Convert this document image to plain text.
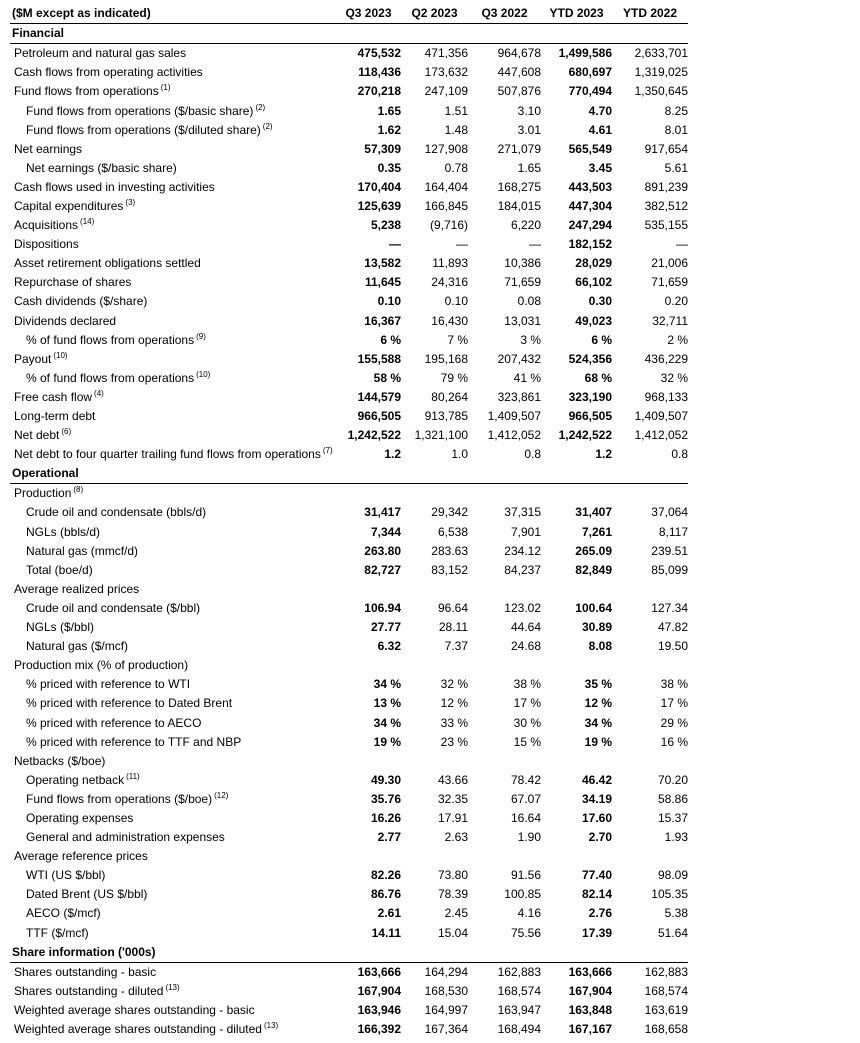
($M except as indicated)	Q3 2023	Q2 2023	Q3 2022	YTD 2023	YTD 2022
Financial					
Petroleum and natural gas sales	475,532	471,356	964,678	1,499,586	2,633,701
Cash flows from operating activities	118,436	173,632	447,608	680,697	1,319,025
Fund flows from operations $^{(1)}$	270,218	247,109	507,876	770,494	1,350,645
Fund flows from operations ($/basic share) $^{(2)}$	1.65	1.51	3.10	4.70	8.25
Fund flows from operations ($/diluted share) $^{(2)}$	1.62	1.48	3.01	4.61	8.01
Net earnings	57,309	127,908	271,079	565,549	917,654
Net earnings ($/basic share)	0.35	0.78	1.65	3.45	5.61
Cash flows used in investing activities	170,404	164,404	168,275	443,503	891,239
Capital expenditures $^{(3)}$	125,639	166,845	184,015	447,304	382,512
Acquisitions $^{(14)}$	5,238	(9,716)	6,220	247,294	535,155
Dispositions	—	—	—	182,152	—
Asset retirement obligations settled	13,582	11,893	10,386	28,029	21,006
Repurchase of shares	11,645	24,316	71,659	66,102	71,659
Cash dividends ($/share)	0.10	0.10	0.08	0.30	0.20
Dividends declared	16,367	16,430	13,031	49,023	32,711
% of fund flows from operations $^{(9)}$	6 %	7 %	3 %	6 %	2 %
Payout $^{(10)}$	155,588	195,168	207,432	524,356	436,229
% of fund flows from operations $^{(10)}$	58 %	79 %	41 %	68 %	32 %
Free cash flow $^{(4)}$	144,579	80,264	323,861	323,190	968,133
Long-term debt	966,505	913,785	1,409,507	966,505	1,409,507
Net debt $^{(6)}$	1,242,522	1,321,100	1,412,052	1,242,522	1,412,052
Net debt to four quarter trailing fund flows from operations $^{(7)}$	1.2	1.0	0.8	1.2	0.8
Operational					
Production $^{(8)}$					
Crude oil and condensate (bbls/d)	31,417	29,342	37,315	31,407	37,064
NGLs (bbls/d)	7,344	6,538	7,901	7,261	8,117
Natural gas (mmcf/d)	263.80	283.63	234.12	265.09	239.51
Total (boe/d)	82,727	83,152	84,237	82,849	85,099
Average realized prices					
Crude oil and condensate ($/bbl)	106.94	96.64	123.02	100.64	127.34
NGLs ($/bbl)	27.77	28.11	44.64	30.89	47.82
Natural gas ($/mcf)	6.32	7.37	24.68	8.08	19.50
Production mix (% of production)					
% priced with reference to WTI	34 %	32 %	38 %	35 %	38 %
% priced with reference to Dated Brent	13 %	12 %	17 %	12 %	17 %
% priced with reference to AECO	34 %	33 %	30 %	34 %	29 %
% priced with reference to TTF and NBP	19 %	23 %	15 %	19 %	16 %
Netbacks ($/boe)					
Operating netback $^{(11)}$	49.30	43.66	78.42	46.42	70.20
Fund flows from operations ($/boe) $^{(12)}$	35.76	32.35	67.07	34.19	58.86
Operating expenses	16.26	17.91	16.64	17.60	15.37
General and administration expenses	2.77	2.63	1.90	2.70	1.93
Average reference prices					
WTI (US $/bbl)	82.26	73.80	91.56	77.40	98.09
Dated Brent (US $/bbl)	86.76	78.39	100.85	82.14	105.35
AECO ($/mcf)	2.61	2.45	4.16	2.76	5.38
TTF ($/mcf)	14.11	15.04	75.56	17.39	51.64
Share information ('000s)					
Shares outstanding - basic	163,666	164,294	162,883	163,666	162,883
Shares outstanding - diluted $^{(13)}$	167,904	168,530	168,574	167,904	168,574
Weighted average shares outstanding - basic	163,946	164,997	163,947	163,848	163,619
Weighted average shares outstanding - diluted $^{(13)}$	166,392	167,364	168,494	167,167	168,658
